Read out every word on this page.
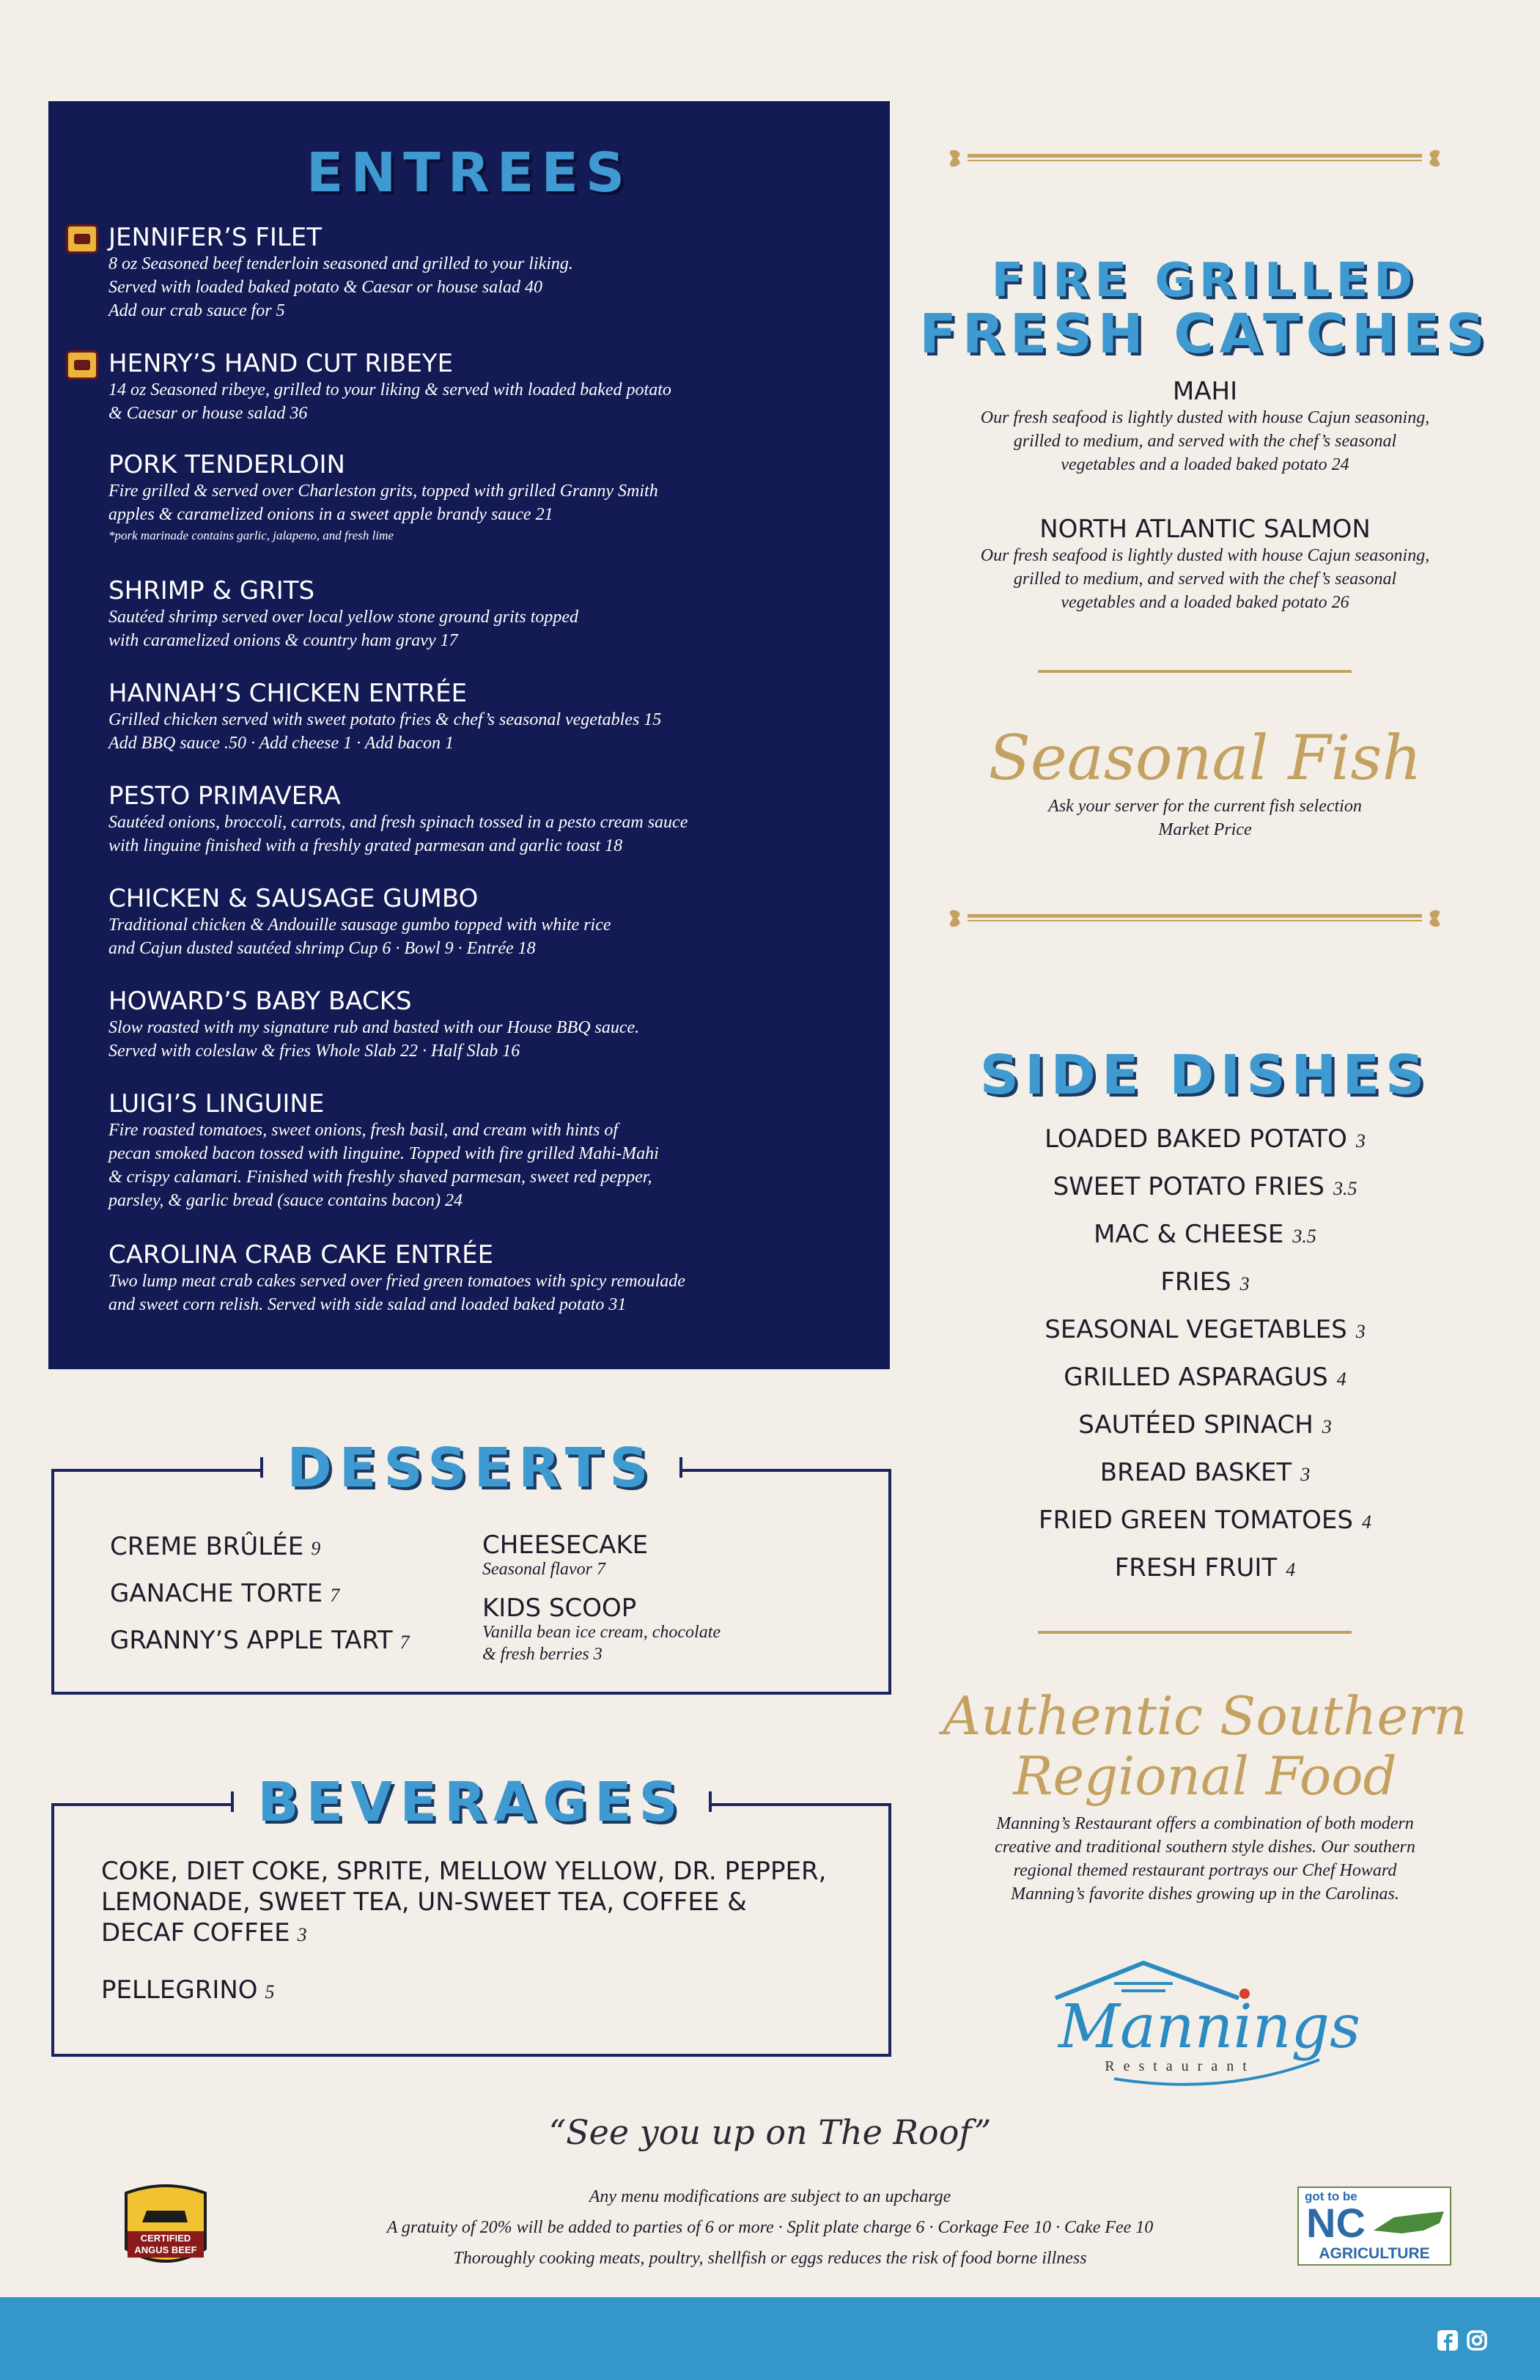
ENTREES
JENNIFER’S FILET
8 oz Seasoned beef tenderloin seasoned and grilled to your liking.
Served with loaded baked potato & Caesar or house salad 40
Add our crab sauce for 5
HENRY’S HAND CUT RIBEYE
14 oz Seasoned ribeye, grilled to your liking & served with loaded baked potato
& Caesar or house salad 36
PORK TENDERLOIN
Fire grilled & served over Charleston grits, topped with grilled Granny Smith
apples & caramelized onions in a sweet apple brandy sauce 21
*pork marinade contains garlic, jalapeno, and fresh lime
SHRIMP & GRITS
Sautéed shrimp served over local yellow stone ground grits topped
with caramelized onions & country ham gravy 17
HANNAH’S CHICKEN ENTRÉE
Grilled chicken served with sweet potato fries & chef’s seasonal vegetables 15
Add BBQ sauce .50 · Add cheese 1 · Add bacon 1
PESTO PRIMAVERA
Sautéed onions, broccoli, carrots, and fresh spinach tossed in a pesto cream sauce
with linguine finished with a freshly grated parmesan and garlic toast 18
CHICKEN & SAUSAGE GUMBO
Traditional chicken & Andouille sausage gumbo topped with white rice
and Cajun dusted sautéed shrimp Cup 6 · Bowl 9 · Entrée 18
HOWARD’S BABY BACKS
Slow roasted with my signature rub and basted with our House BBQ sauce.
Served with coleslaw & fries Whole Slab 22 · Half Slab 16
LUIGI’S LINGUINE
Fire roasted tomatoes, sweet onions, fresh basil, and cream with hints of
pecan smoked bacon tossed with linguine. Topped with fire grilled Mahi-Mahi
& crispy calamari. Finished with freshly shaved parmesan, sweet red pepper,
parsley, & garlic bread (sauce contains bacon) 24
CAROLINA CRAB CAKE ENTRÉE
Two lump meat crab cakes served over fried green tomatoes with spicy remoulade
and sweet corn relish. Served with side salad and loaded baked potato 31
DESSERTS
CREME BRÛLÉE 9
GANACHE TORTE 7
GRANNY’S APPLE TART 7
CHEESECAKE
Seasonal flavor 7
KIDS SCOOP
Vanilla bean ice cream, chocolate
& fresh berries 3
BEVERAGES
COKE, DIET COKE, SPRITE, MELLOW YELLOW, DR. PEPPER,
LEMONADE, SWEET TEA, UN-SWEET TEA, COFFEE &
DECAF COFFEE 3
PELLEGRINO 5
FIRE GRILLED
FRESH CATCHES
MAHI
Our fresh seafood is lightly dusted with house Cajun seasoning,
grilled to medium, and served with the chef’s seasonal
vegetables and a loaded baked potato 24
NORTH ATLANTIC SALMON
Our fresh seafood is lightly dusted with house Cajun seasoning,
grilled to medium, and served with the chef’s seasonal
vegetables and a loaded baked potato 26
Seasonal Fish
Ask your server for the current fish selection
Market Price
SIDE DISHES
LOADED BAKED POTATO 3
SWEET POTATO FRIES 3.5
MAC & CHEESE 3.5
FRIES 3
SEASONAL VEGETABLES 3
GRILLED ASPARAGUS 4
SAUTÉED SPINACH 3
BREAD BASKET 3
FRIED GREEN TOMATOES 4
FRESH FRUIT 4
Authentic Southern
Regional Food
Manning’s Restaurant offers a combination of both modern
creative and traditional southern style dishes. Our southern
regional themed restaurant portrays our Chef Howard
Manning’s favorite dishes growing up in the Carolinas.
Mannings
Restaurant
“See you up on The Roof”
Any menu modifications are subject to an upcharge
A gratuity of 20% will be added to parties of 6 or more · Split plate charge 6 · Corkage Fee 10 · Cake Fee 10
Thoroughly cooking meats, poultry, shellfish or eggs reduces the risk of food borne illness
CERTIFIED
ANGUS BEEF
got to be
NC
AGRICULTURE
